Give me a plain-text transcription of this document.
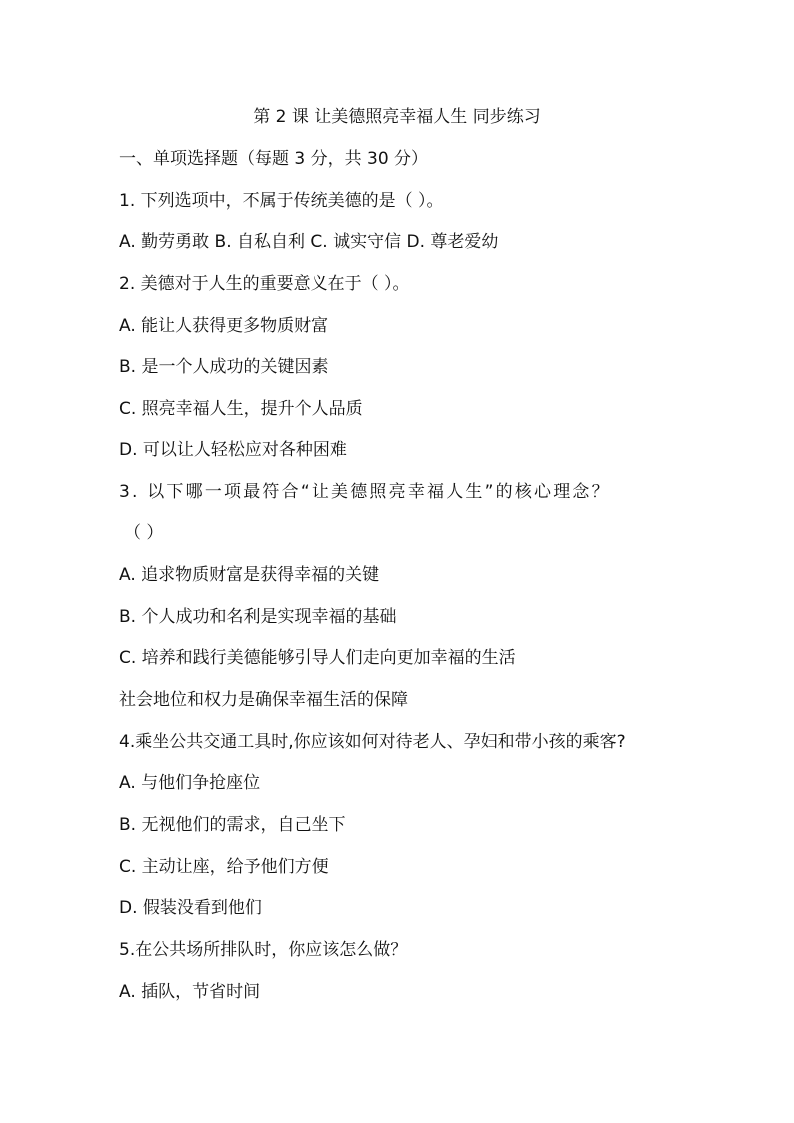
第 2 课 让美德照亮幸福人生 同步练习
一、单项选择题（每题 3 分，共 30 分）
1. 下列选项中，不属于传统美德的是（ ）。
A. 勤劳勇敢 B. 自私自利 C. 诚实守信 D. 尊老爱幼
2. 美德对于人生的重要意义在于（ ）。
A. 能让人获得更多物质财富
B. 是一个人成功的关键因素
C. 照亮幸福人生，提升个人品质
D. 可以让人轻松应对各种困难
3. 以下哪一项最符合“让美德照亮幸福人生”的核心理念？
（ ）
A. 追求物质财富是获得幸福的关键
B. 个人成功和名利是实现幸福的基础
C. 培养和践行美德能够引导人们走向更加幸福的生活
社会地位和权力是确保幸福生活的保障
4.乘坐公共交通工具时,你应该如何对待老人、孕妇和带小孩的乘客?
A. 与他们争抢座位
B. 无视他们的需求，自己坐下
C. 主动让座，给予他们方便
D. 假装没看到他们
5.在公共场所排队时，你应该怎么做？
A. 插队，节省时间
